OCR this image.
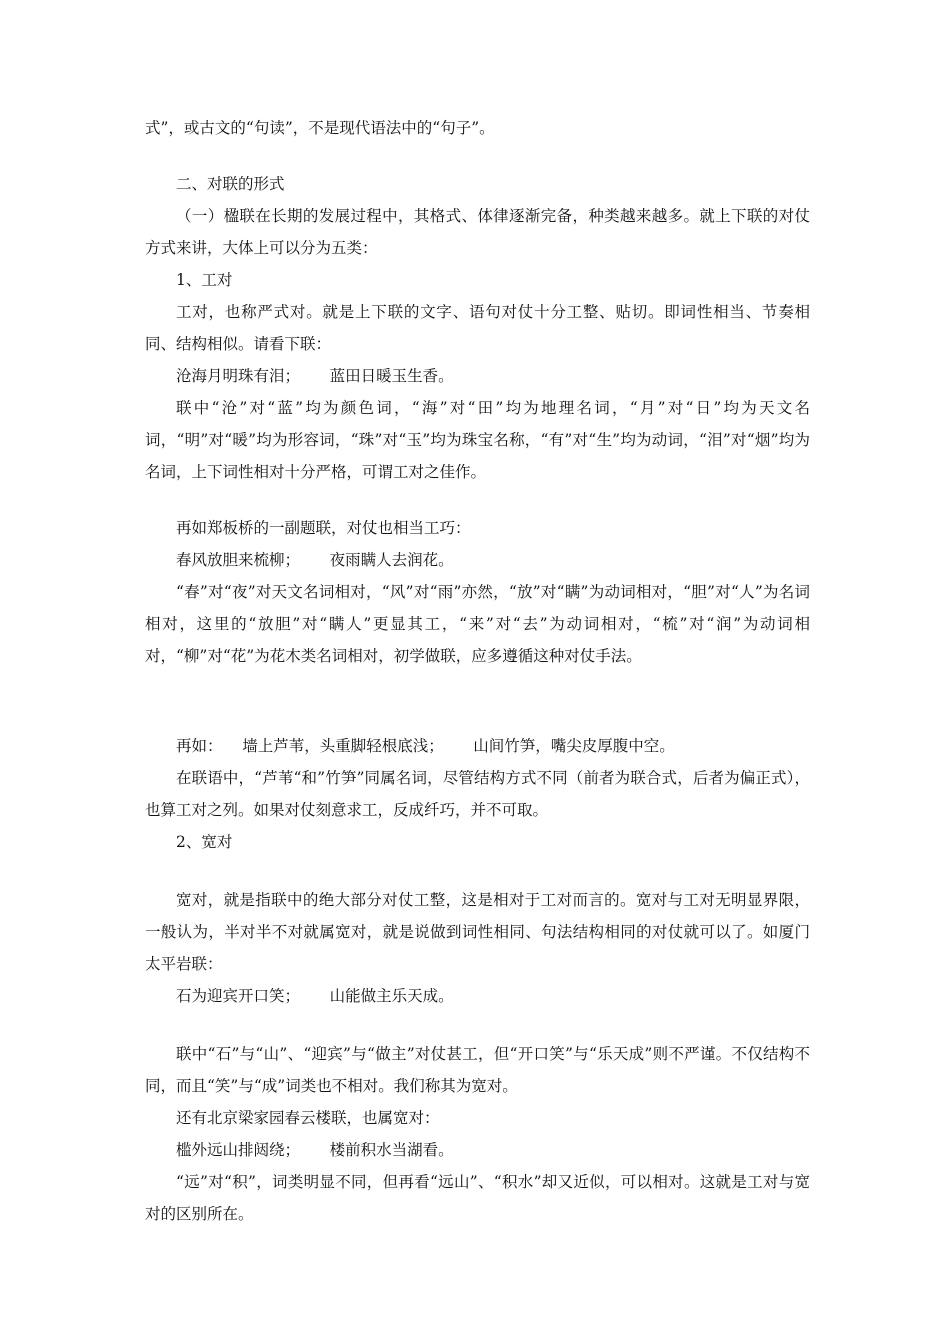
式”，或古文的“句读”，不是现代语法中的“句子”。

二、对联的形式

（一）楹联在长期的发展过程中，其格式、体律逐渐完备，种类越来越多。就上下联的对仗方式来讲，大体上可以分为五类：

1、工对

工对，也称严式对。就是上下联的文字、语句对仗十分工整、贴切。即词性相当、节奏相同、结构相似。请看下联：

沧海月明珠有泪；      蓝田日暖玉生香。

联中“沧”对“蓝”均为颜色词，“海”对“田”均为地理名词，“月”对“日”均为天文名词，“明”对“暖”均为形容词，“珠”对“玉”均为珠宝名称，“有”对“生”均为动词，“泪”对“烟”均为名词，上下词性相对十分严格，可谓工对之佳作。

再如郑板桥的一副题联，对仗也相当工巧：

春风放胆来梳柳；      夜雨瞒人去润花。

“春”对“夜”对天文名词相对，“风”对“雨”亦然，“放”对“瞒”为动词相对，“胆”对“人”为名词相对，这里的“放胆”对“瞒人”更显其工，“来”对“去”为动词相对，“梳”对“润”为动词相对，“柳”对“花”为花木类名词相对，初学做联，应多遵循这种对仗手法。

再如：    墙上芦苇，头重脚轻根底浅；      山间竹笋，嘴尖皮厚腹中空。

在联语中，“芦苇“和”竹笋”同属名词，尽管结构方式不同（前者为联合式，后者为偏正式），也算工对之列。如果对仗刻意求工，反成纤巧，并不可取。

2、宽对

宽对，就是指联中的绝大部分对仗工整，这是相对于工对而言的。宽对与工对无明显界限，一般认为，半对半不对就属宽对，就是说做到词性相同、句法结构相同的对仗就可以了。如厦门太平岩联：

石为迎宾开口笑；      山能做主乐天成。

联中“石”与“山”、“迎宾”与“做主”对仗甚工，但“开口笑”与“乐天成”则不严谨。不仅结构不同，而且“笑”与“成”词类也不相对。我们称其为宽对。

还有北京梁家园春云楼联，也属宽对：

槛外远山排闼绕；      楼前积水当湖看。

“远”对“积”，词类明显不同，但再看“远山”、“积水”却又近似，可以相对。这就是工对与宽对的区别所在。
